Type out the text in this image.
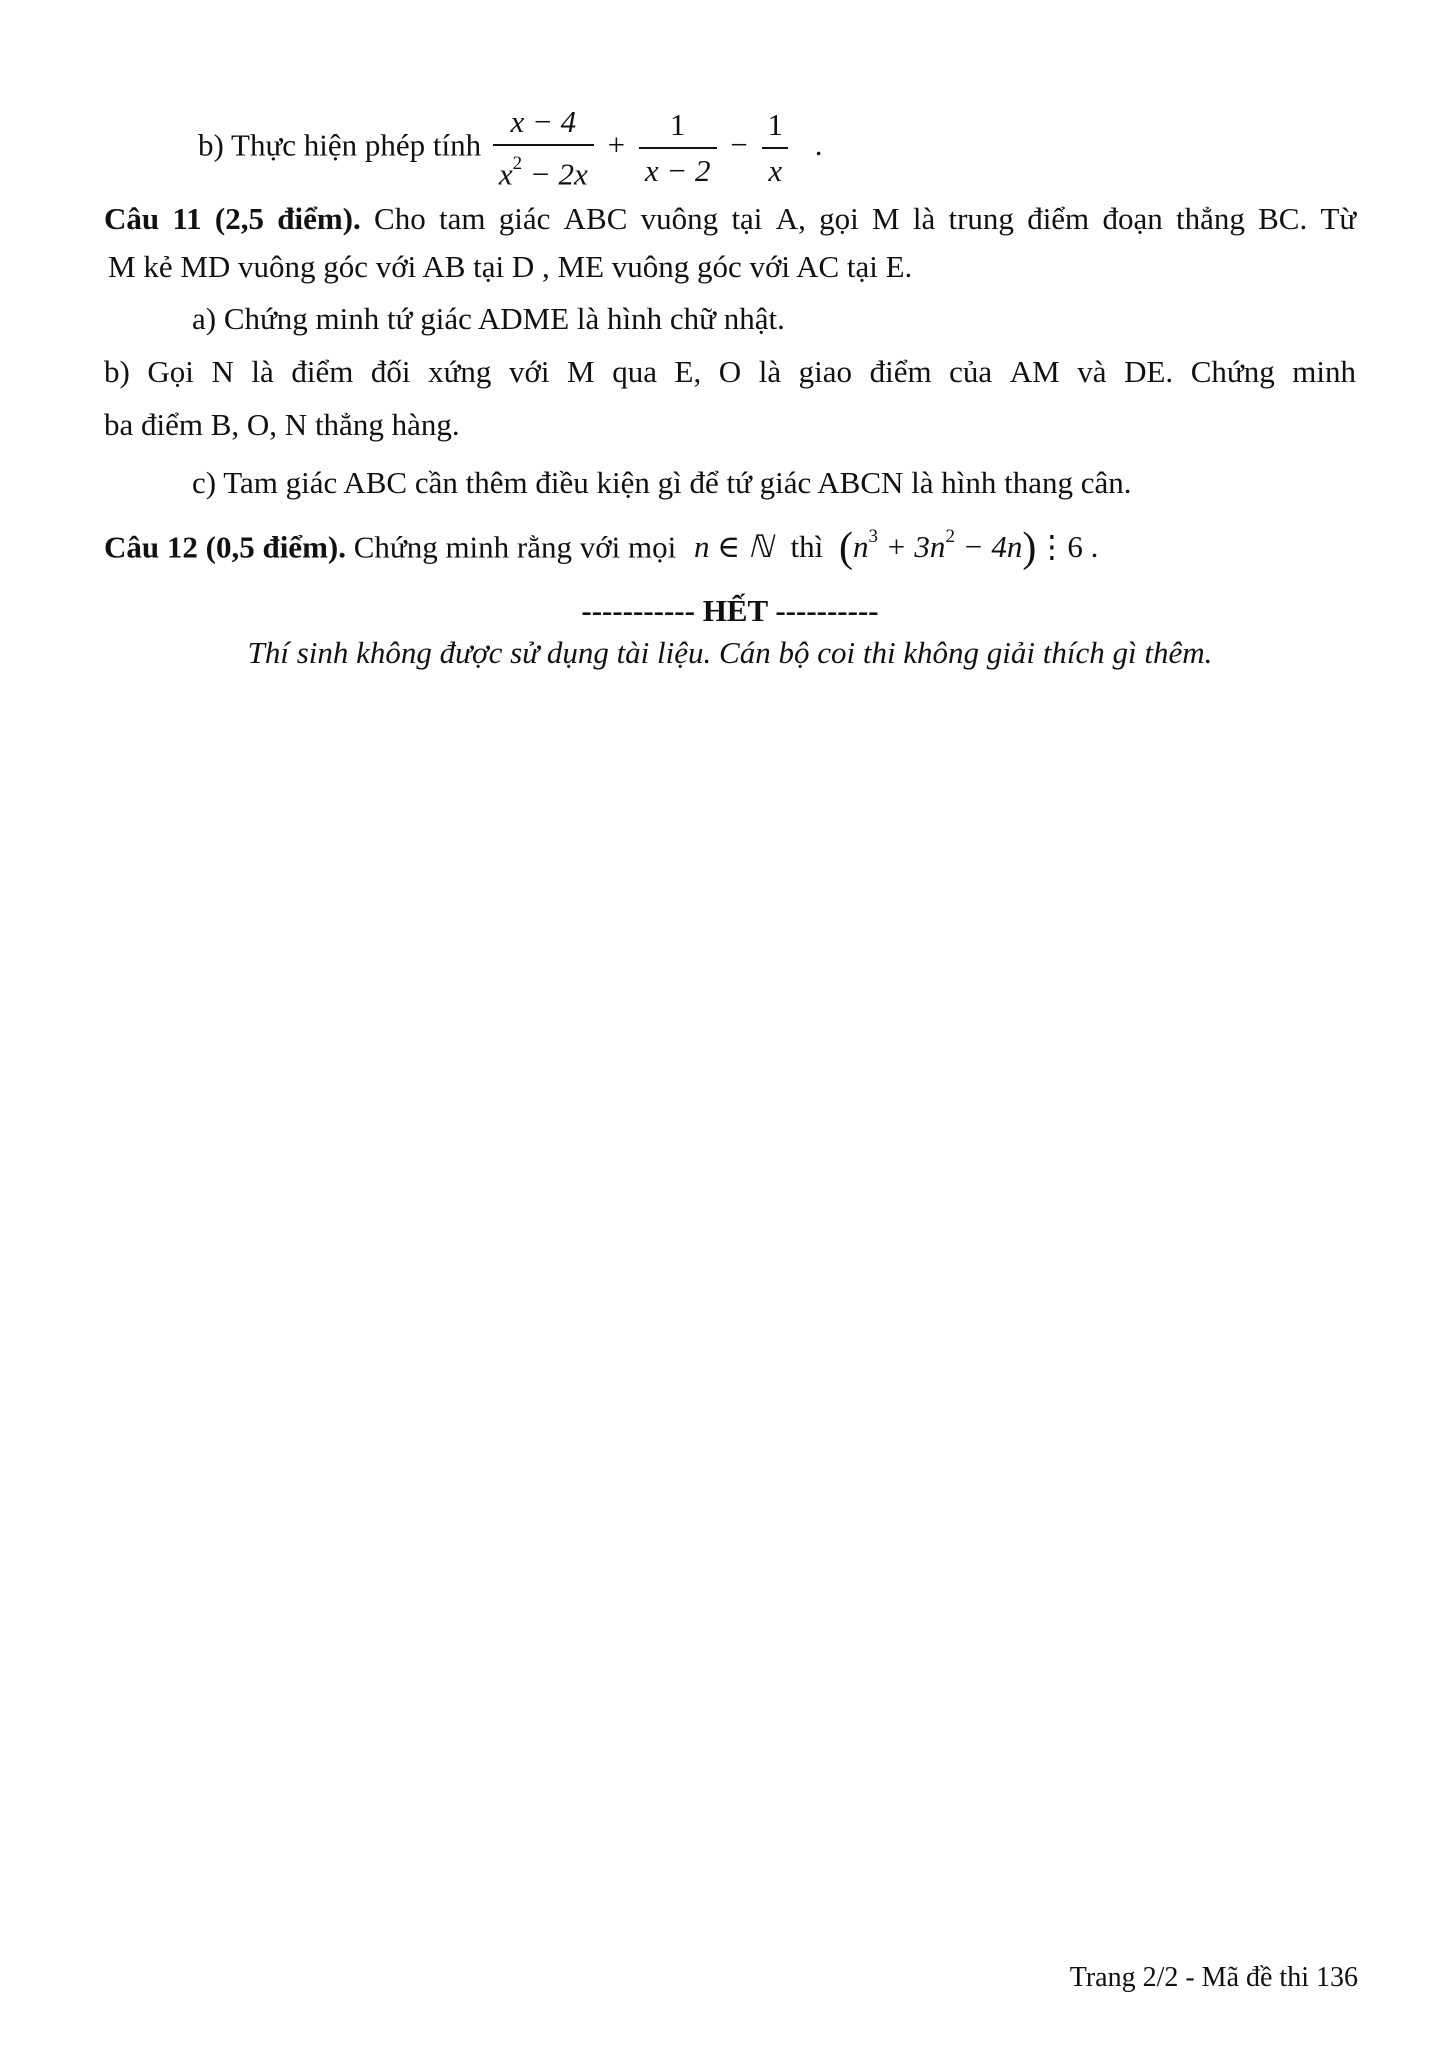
b) Thực hiện phép tính $\frac{x - 4}{x^2 - 2x} + \frac{1}{x - 2} - \frac{1}{x}$ .
Câu 11 (2,5 điểm). Cho tam giác ABC vuông tại A, gọi M là trung điểm đoạn thẳng BC. Từ
M kẻ MD vuông góc với AB tại D , ME vuông góc với AC tại E.
a) Chứng minh tứ giác ADME là hình chữ nhật.
b) Gọi N là điểm đối xứng với M qua E, O là giao điểm của AM và DE. Chứng minh
ba điểm B, O, N thẳng hàng.
c) Tam giác ABC cần thêm điều kiện gì để tứ giác ABCN là hình thang cân.
Câu 12 (0,5 điểm). Chứng minh rằng với mọi n ∈ ℕ thì ($n^3 + 3n^2$ − 4n)⋮6 .
----------- HẾT ----------
Thí sinh không được sử dụng tài liệu. Cán bộ coi thi không giải thích gì thêm.
Trang 2/2 - Mã đề thi 136
